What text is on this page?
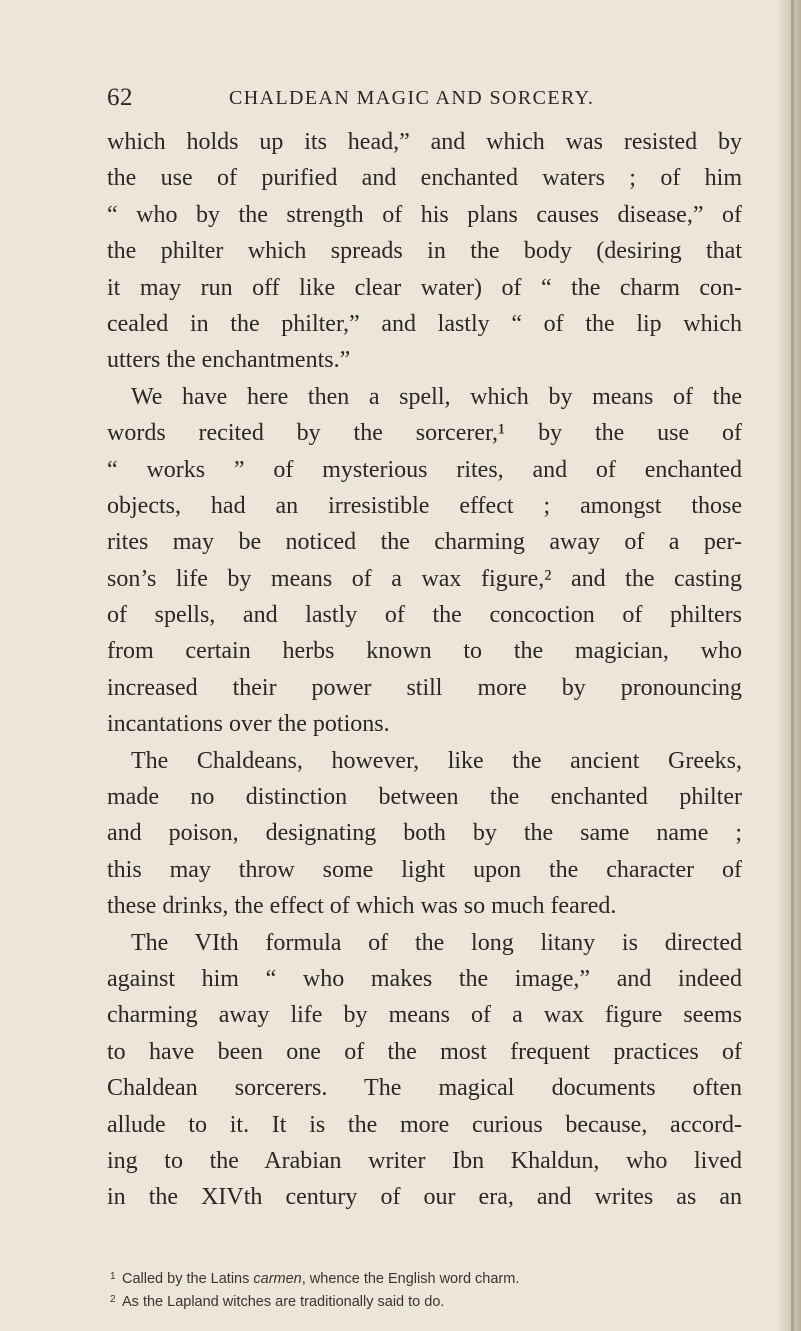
62	CHALDEAN MAGIC AND SORCERY.
which holds up its head,” and which was resisted by
the use of purified and enchanted waters ; of him
“ who by the strength of his plans causes disease,” of
the philter which spreads in the body (desiring that
it may run off like clear water) of “ the charm con-
cealed in the philter,” and lastly “ of the lip which
utters the enchantments.”
We have here then a spell, which by means of the
words recited by the sorcerer,¹ by the use of
“ works ” of mysterious rites, and of enchanted
objects, had an irresistible effect ; amongst those
rites may be noticed the charming away of a per-
son’s life by means of a wax figure,² and the casting
of spells, and lastly of the concoction of philters
from certain herbs known to the magician, who
increased their power still more by pronouncing
incantations over the potions.
The Chaldeans, however, like the ancient Greeks,
made no distinction between the enchanted philter
and poison, designating both by the same name ;
this may throw some light upon the character of
these drinks, the effect of which was so much feared.
The VIth formula of the long litany is directed
against him “ who makes the image,” and indeed
charming away life by means of a wax figure seems
to have been one of the most frequent practices of
Chaldean sorcerers. The magical documents often
allude to it. It is the more curious because, accord-
ing to the Arabian writer Ibn Khaldun, who lived
in the XIVth century of our era, and writes as an
1 Called by the Latins carmen, whence the English word charm.
2 As the Lapland witches are traditionally said to do.
